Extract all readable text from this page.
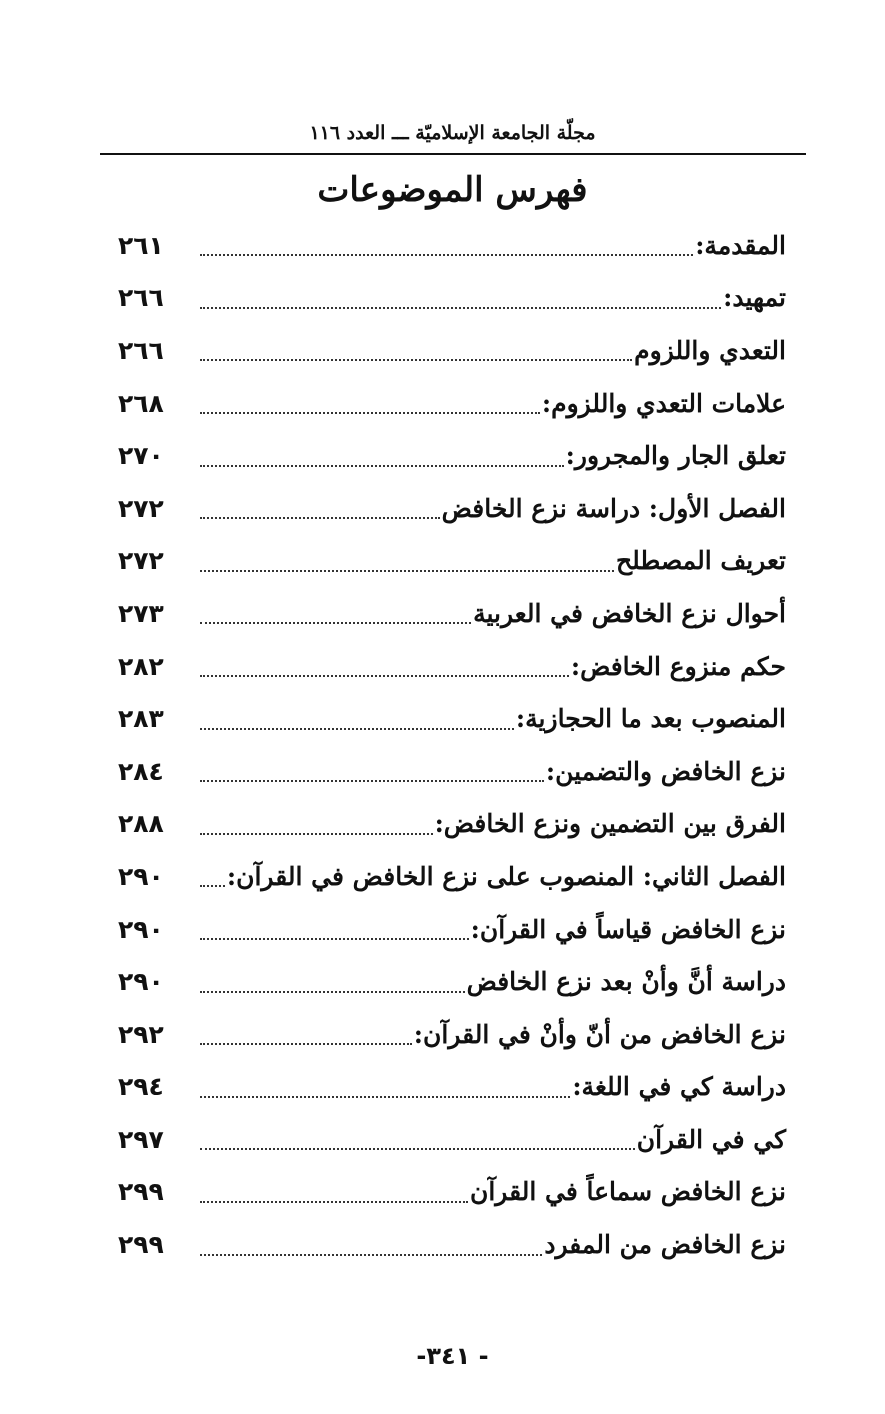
مجلّة الجامعة الإسلاميّة ـــ العدد ١١٦
فهرس الموضوعات
المقدمة:
٢٦١
تمهيد:
٢٦٦
التعدي واللزوم
٢٦٦
علامات التعدي واللزوم:
٢٦٨
تعلق الجار والمجرور:
٢٧٠
الفصل الأول: دراسة نزع الخافض
٢٧٢
تعريف المصطلح
٢٧٢
أحوال نزع الخافض في العربية
٢٧٣
حكم منزوع الخافض:
٢٨٢
المنصوب بعد ما الحجازية:
٢٨٣
نزع الخافض والتضمين:
٢٨٤
الفرق بين التضمين ونزع الخافض:
٢٨٨
الفصل الثاني: المنصوب على نزع الخافض في القرآن:
٢٩٠
نزع الخافض قياساً في القرآن:
٢٩٠
دراسة أنَّ وأنْ بعد نزع الخافض
٢٩٠
نزع الخافض من أنّ وأنْ في القرآن:
٢٩٢
دراسة كي في اللغة:
٢٩٤
كي في القرآن
٢٩٧
نزع الخافض سماعاً في القرآن
٢٩٩
نزع الخافض من المفرد
٢٩٩
-٣٤١ -
